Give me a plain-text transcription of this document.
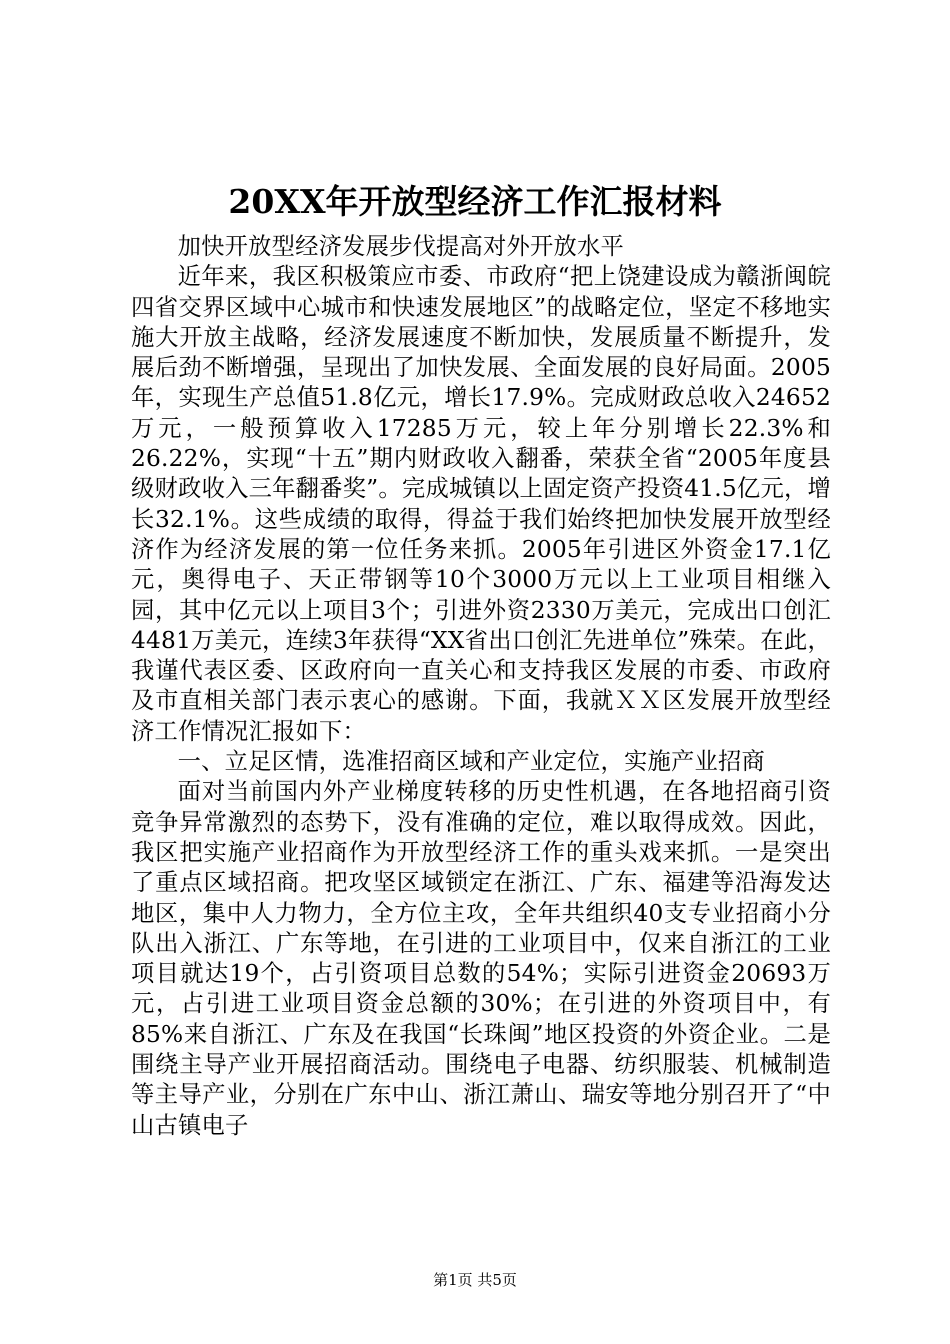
20XX年开放型经济工作汇报材料

加快开放型经济发展步伐提高对外开放水平

近年来，我区积极策应市委、市政府“把上饶建设成为赣浙闽皖四省交界区域中心城市和快速发展地区”的战略定位，坚定不移地实施大开放主战略，经济发展速度不断加快，发展质量不断提升，发展后劲不断增强，呈现出了加快发展、全面发展的良好局面。2005年，实现生产总值51.8亿元，增长17.9%。完成财政总收入24652万元，一般预算收入17285万元，较上年分别增长22.3%和26.22%，实现“十五”期内财政收入翻番，荣获全省“2005年度县级财政收入三年翻番奖”。完成城镇以上固定资产投资41.5亿元，增长32.1%。这些成绩的取得，得益于我们始终把加快发展开放型经济作为经济发展的第一位任务来抓。2005年引进区外资金17.1亿元，奥得电子、天正带钢等10个3000万元以上工业项目相继入园，其中亿元以上项目3个；引进外资2330万美元，完成出口创汇4481万美元，连续3年获得“XX省出口创汇先进单位”殊荣。在此，我谨代表区委、区政府向一直关心和支持我区发展的市委、市政府及市直相关部门表示衷心的感谢。下面，我就ＸＸ区发展开放型经济工作情况汇报如下：

一、立足区情，选准招商区域和产业定位，实施产业招商

面对当前国内外产业梯度转移的历史性机遇，在各地招商引资竞争异常激烈的态势下，没有准确的定位，难以取得成效。因此，我区把实施产业招商作为开放型经济工作的重头戏来抓。一是突出了重点区域招商。把攻坚区域锁定在浙江、广东、福建等沿海发达地区，集中人力物力，全方位主攻，全年共组织40支专业招商小分队出入浙江、广东等地，在引进的工业项目中，仅来自浙江的工业项目就达19个，占引资项目总数的54%；实际引进资金20693万元，占引进工业项目资金总额的30%；在引进的外资项目中，有85%来自浙江、广东及在我国“长珠闽”地区投资的外资企业。二是围绕主导产业开展招商活动。围绕电子电器、纺织服装、机械制造等主导产业，分别在广东中山、浙江萧山、瑞安等地分别召开了“中山古镇电子

第1页 共5页
